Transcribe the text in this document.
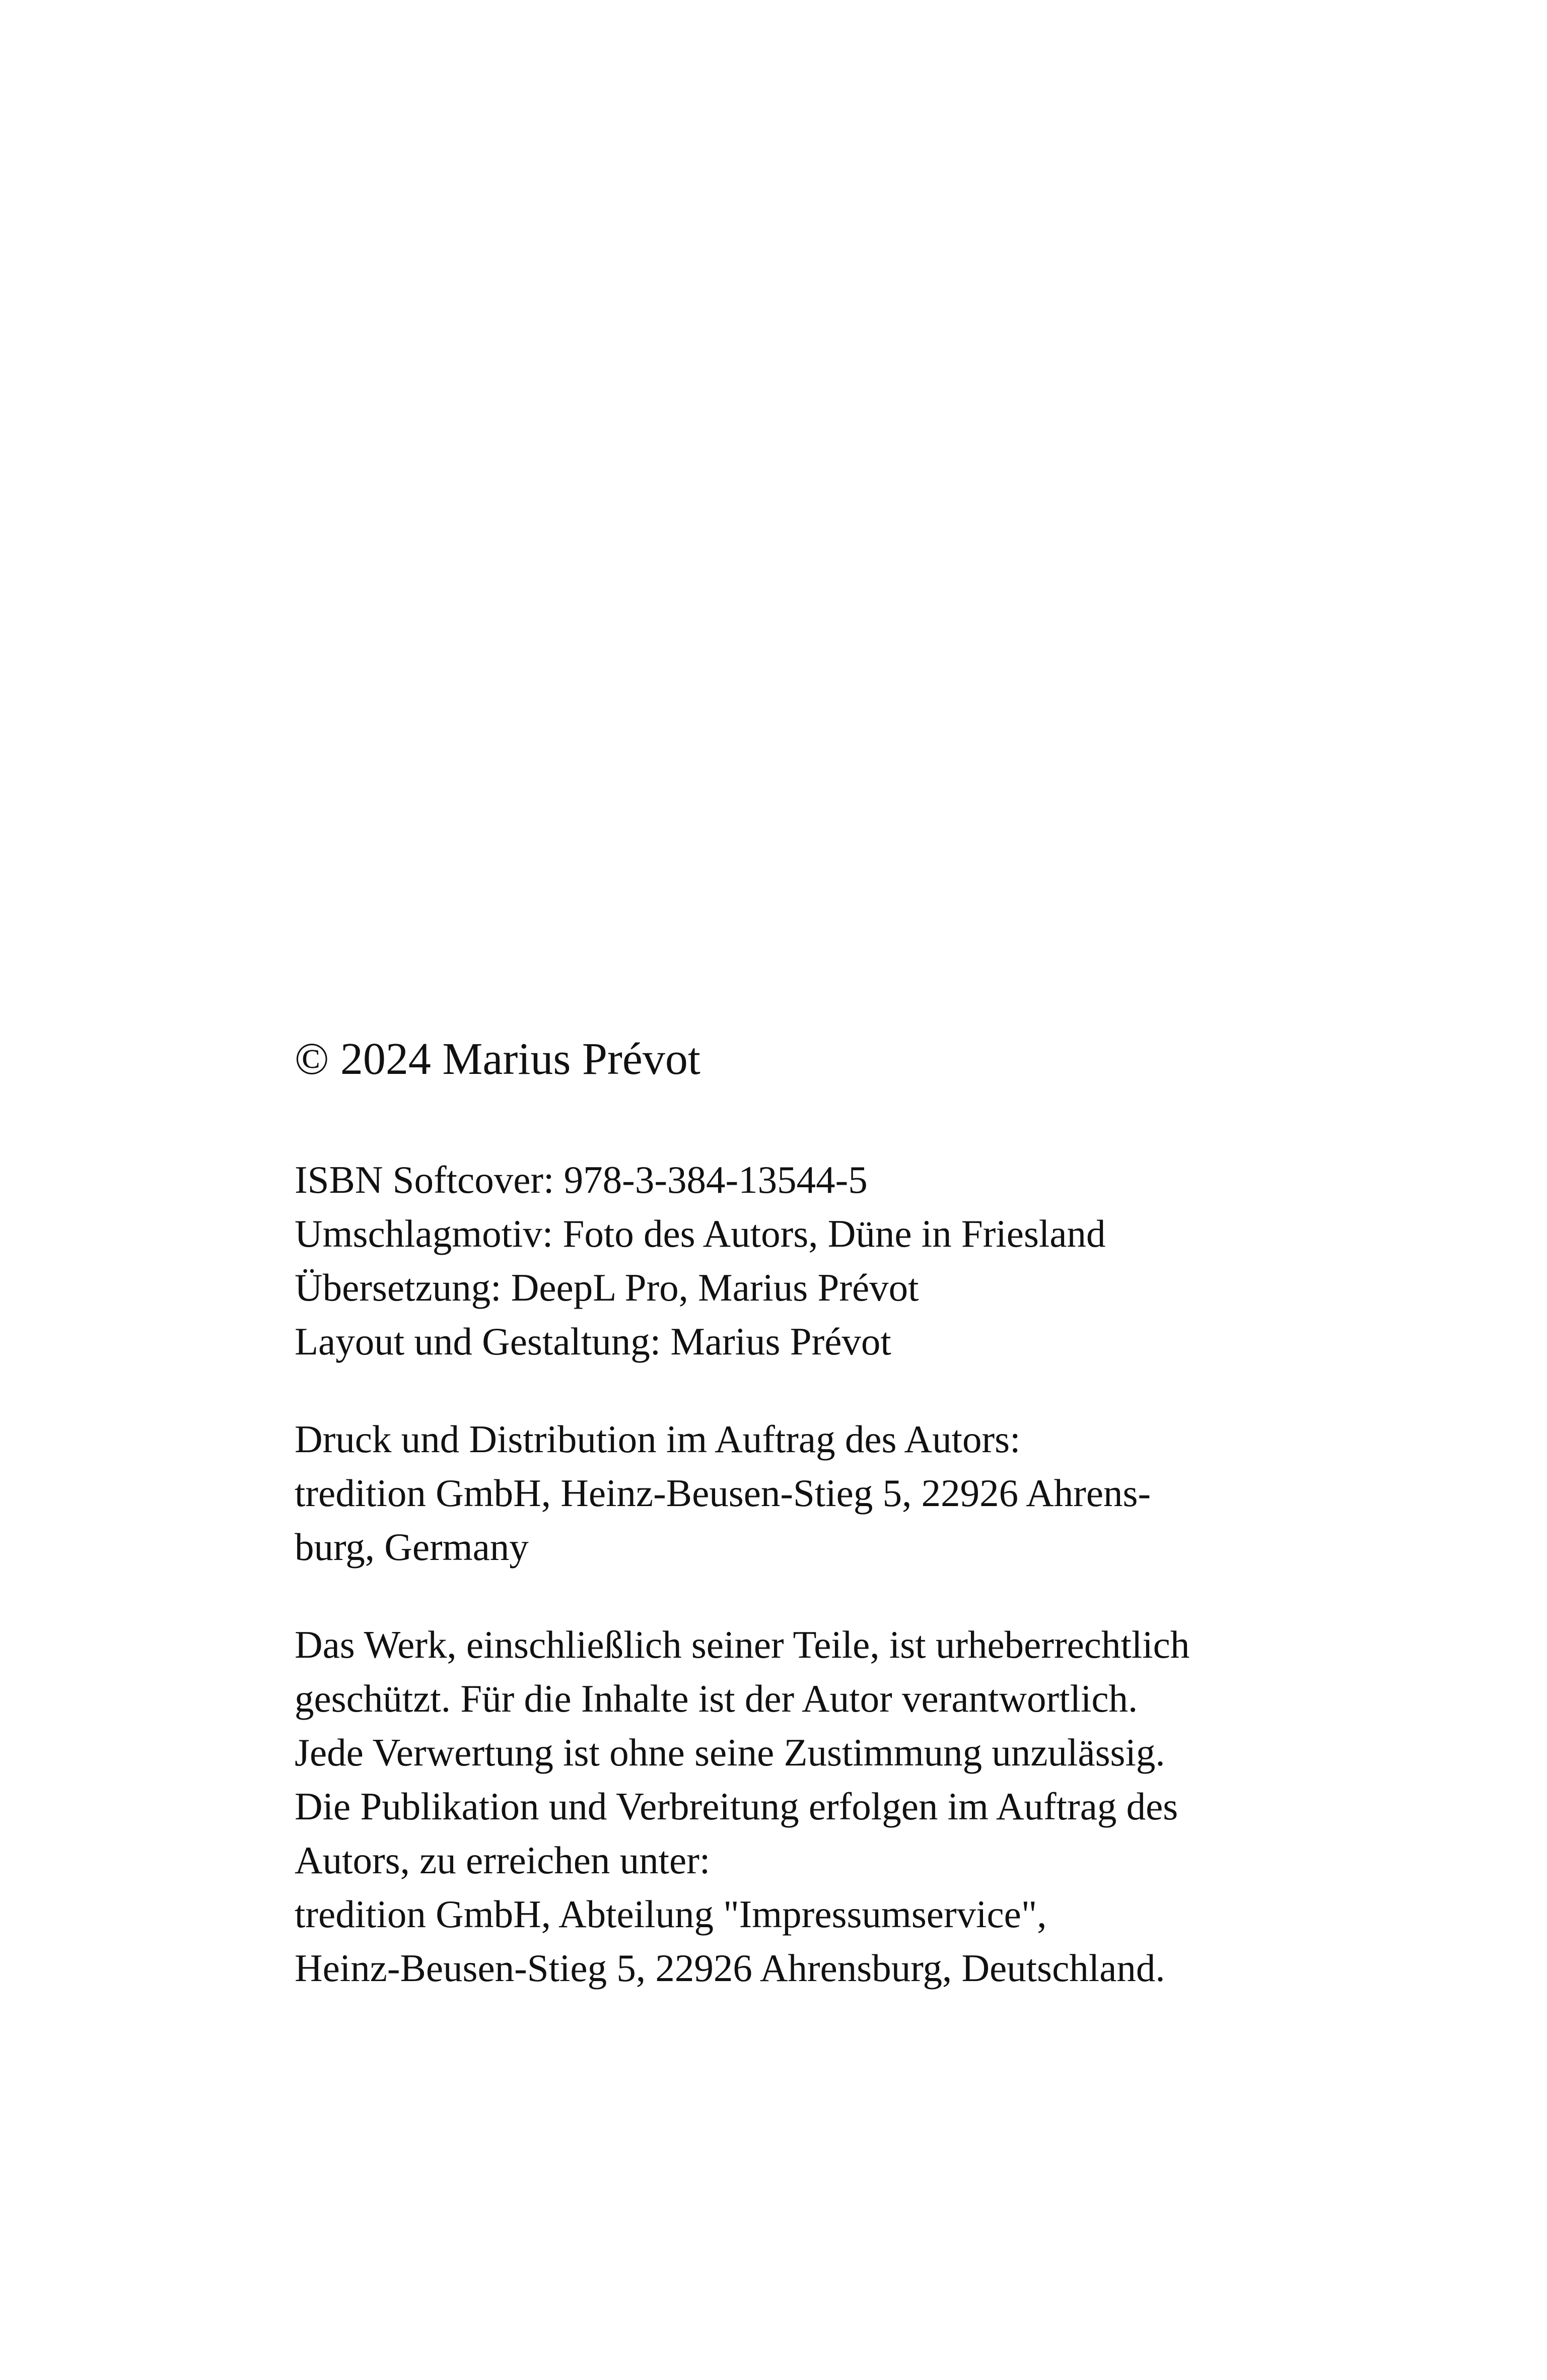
© 2024 Marius Prévot
ISBN Softcover: 978-3-384-13544-5
Umschlagmotiv: Foto des Autors, Düne in Friesland
Übersetzung: DeepL Pro, Marius Prévot
Layout und Gestaltung: Marius Prévot
Druck und Distribution im Auftrag des Autors:
tredition GmbH, Heinz-Beusen-Stieg 5, 22926 Ahrens-
burg, Germany
Das Werk, einschließlich seiner Teile, ist urheberrechtlich
geschützt. Für die Inhalte ist der Autor verantwortlich.
Jede Verwertung ist ohne seine Zustimmung unzulässig.
Die Publikation und Verbreitung erfolgen im Auftrag des
Autors, zu erreichen unter:
tredition GmbH, Abteilung "Impressumservice",
Heinz-Beusen-Stieg 5, 22926 Ahrensburg, Deutschland.
